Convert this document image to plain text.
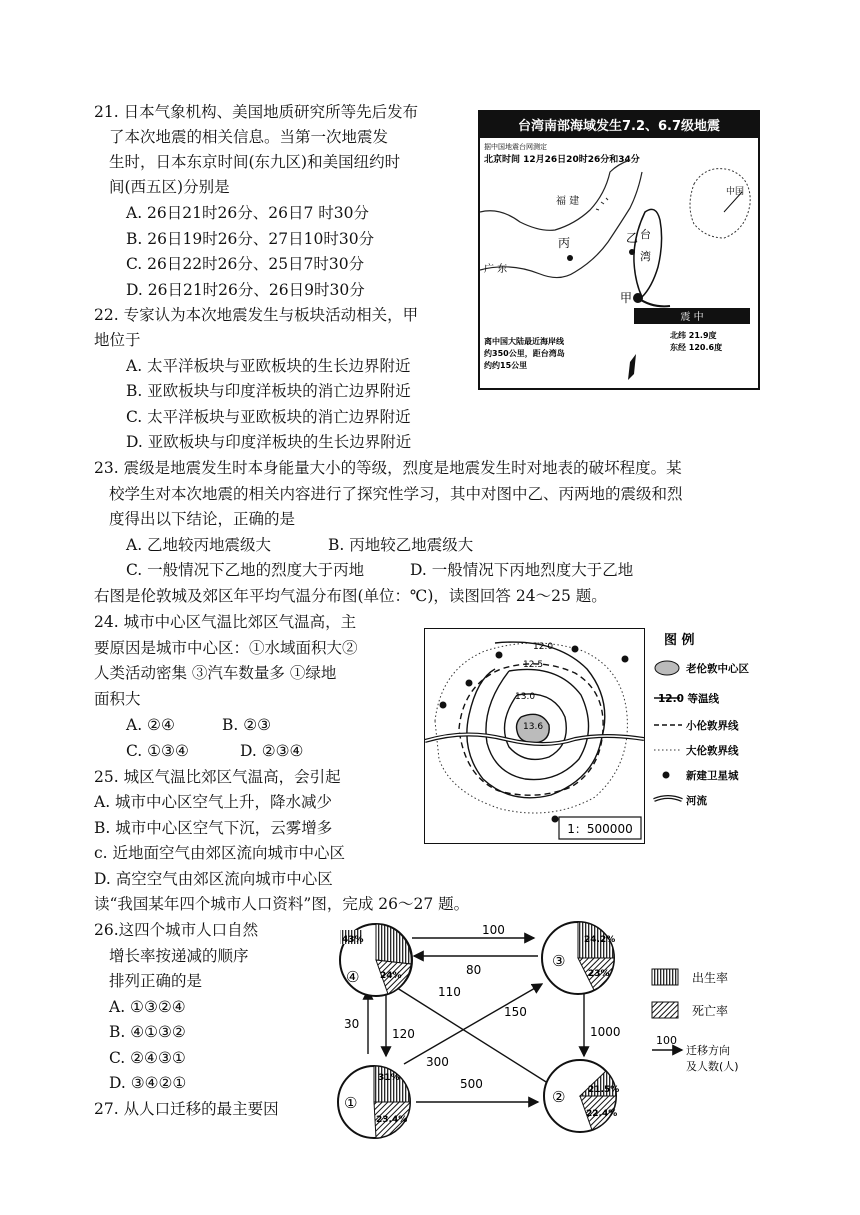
21. 日本气象机构、美国地质研究所等先后发布
了本次地震的相关信息。当第一次地震发
生时，日本东京时间(东九区)和美国纽约时
间(西五区)分别是
A. 26日21时26分、26日7 时30分
B. 26日19时26分、27日10时30分
C. 26日22时26分、25日7时30分
D. 26日21时26分、26日9时30分
22. 专家认为本次地震发生与板块活动相关，甲
地位于
A. 太平洋板块与亚欧板块的生长边界附近
B. 亚欧板块与印度洋板块的消亡边界附近
C. 太平洋板块与亚欧板块的消亡边界附近
D. 亚欧板块与印度洋板块的生长边界附近
23. 震级是地震发生时本身能量大小的等级，烈度是地震发生时对地表的破坏程度。某
校学生对本次地震的相关内容进行了探究性学习，其中对图中乙、丙两地的震级和烈
度得出以下结论，正确的是
A. 乙地较丙地震级大	B. 丙地较乙地震级大
C. 一般情况下乙地的烈度大于丙地	D. 一般情况下丙地烈度大于乙地
右图是伦敦城及郊区年平均气温分布图(单位：℃)，读图回答 24～25 题。
24. 城市中心区气温比郊区气温高，主
要原因是城市中心区：①水域面积大②
人类活动密集 ③汽车数量多 ①绿地
面积大
A. ②④	B. ②③
C. ①③④	D. ②③④
25. 城区气温比郊区气温高，会引起
A. 城市中心区空气上升，降水减少
B. 城市中心区空气下沉，云雾增多
c. 近地面空气由郊区流向城市中心区
D. 高空空气由郊区流向城市中心区
读“我国某年四个城市人口资料”图，完成 26～27 题。
26.这四个城市人口自然
增长率按递减的顺序
排列正确的是
A. ①③②④
B. ④①③②
C. ②④③①
D. ③④②①
27. 从人口迁移的最主要因
台湾南部海域发生7.2、6.7级地震
据中国地震台网测定
北京时间 12月26日20时26分和34分
中国
福 建
广 东
丙	乙 台
湾
甲
震 中
北纬 21.9度
东经 120.6度
离中国大陆最近海岸线
约350公里，距台湾岛
约约15公里
12.0
12.5
13.0
13.6
1：500000
图 例
老伦敦中心区
12.0 等温线
小伦敦界线
大伦敦界线
新建卫星城
河流
100
80
110
150
120
30
300
1000
500
④
43%
24%
③
24.2%
23%
①
31%
23.4%
②	21.5%
22.4%
出生率
死亡率
100
迁移方向
及人数(人)
